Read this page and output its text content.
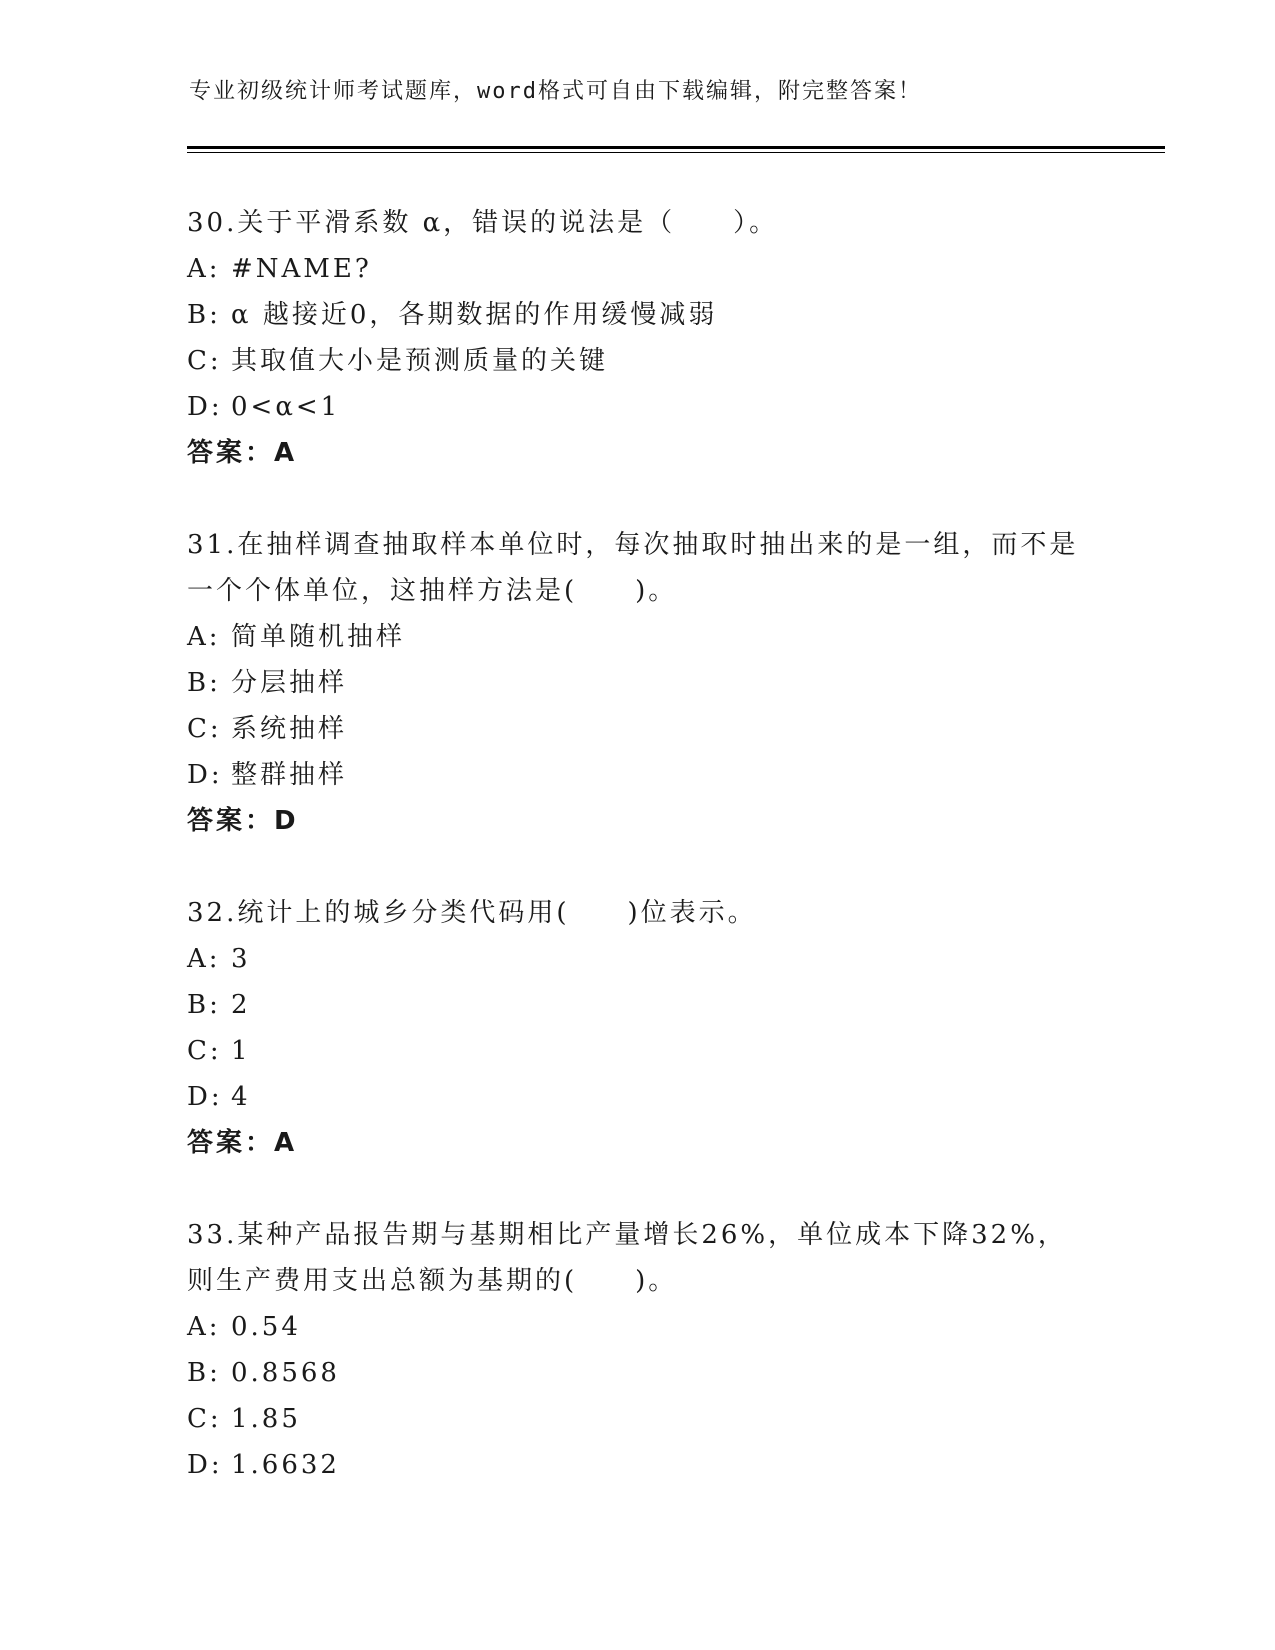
专业初级统计师考试题库，word格式可自由下载编辑，附完整答案！

30.关于平滑系数 α，错误的说法是（　　）。

A: #NAME?
B: α 越接近0，各期数据的作用缓慢减弱
C: 其取值大小是预测质量的关键
D: 0<α<1

答案：A

31.在抽样调查抽取样本单位时，每次抽取时抽出来的是一组，而不是一个个体单位，这抽样方法是(　　)。

A: 简单随机抽样
B: 分层抽样
C: 系统抽样
D: 整群抽样

答案：D

32.统计上的城乡分类代码用(　　)位表示。

A: 3
B: 2
C: 1
D: 4

答案：A

33.某种产品报告期与基期相比产量增长26%，单位成本下降32%，则生产费用支出总额为基期的(　　)。

A: 0.54
B: 0.8568
C: 1.85
D: 1.6632
